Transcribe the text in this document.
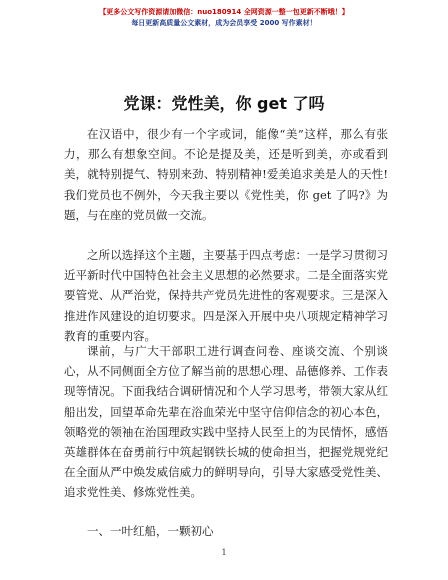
【更多公文写作资源请加微信：nuo180914 全网资源一整一包更新不断哦！】
每日更新高质量公文素材，成为会员享受 2000 写作素材！
党课：党性美，你 get 了吗

在汉语中，很少有一个字或词，能像“美”这样，那么有张力，那么有想象空间。不论是提及美，还是听到美，亦或看到美，就特别提气、特别来劲、特别精神!爱美追求美是人的天性!我们党员也不例外，今天我主要以《党性美，你 get 了吗?》为题，与在座的党员做一交流。

之所以选择这个主题，主要基于四点考虑：一是学习贯彻习近平新时代中国特色社会主义思想的必然要求。二是全面落实党要管党、从严治党，保持共产党员先进性的客观要求。三是深入推进作风建设的迫切要求。四是深入开展中央八项规定精神学习教育的重要内容。

课前，与广大干部职工进行调查问卷、座谈交流、个别谈心，从不同侧面全方位了解当前的思想心理、品德修养、工作表现等情况。下面我结合调研情况和个人学习思考，带领大家从红船出发，回望革命先辈在浴血荣光中坚守信仰信念的初心本色，领略党的领袖在治国理政实践中坚持人民至上的为民情怀，感悟英雄群体在奋勇前行中筑起钢铁长城的使命担当，把握党规党纪在全面从严中焕发威信威力的鲜明导向，引导大家感受党性美、追求党性美、修炼党性美。

一、一叶红船，一颗初心

1
